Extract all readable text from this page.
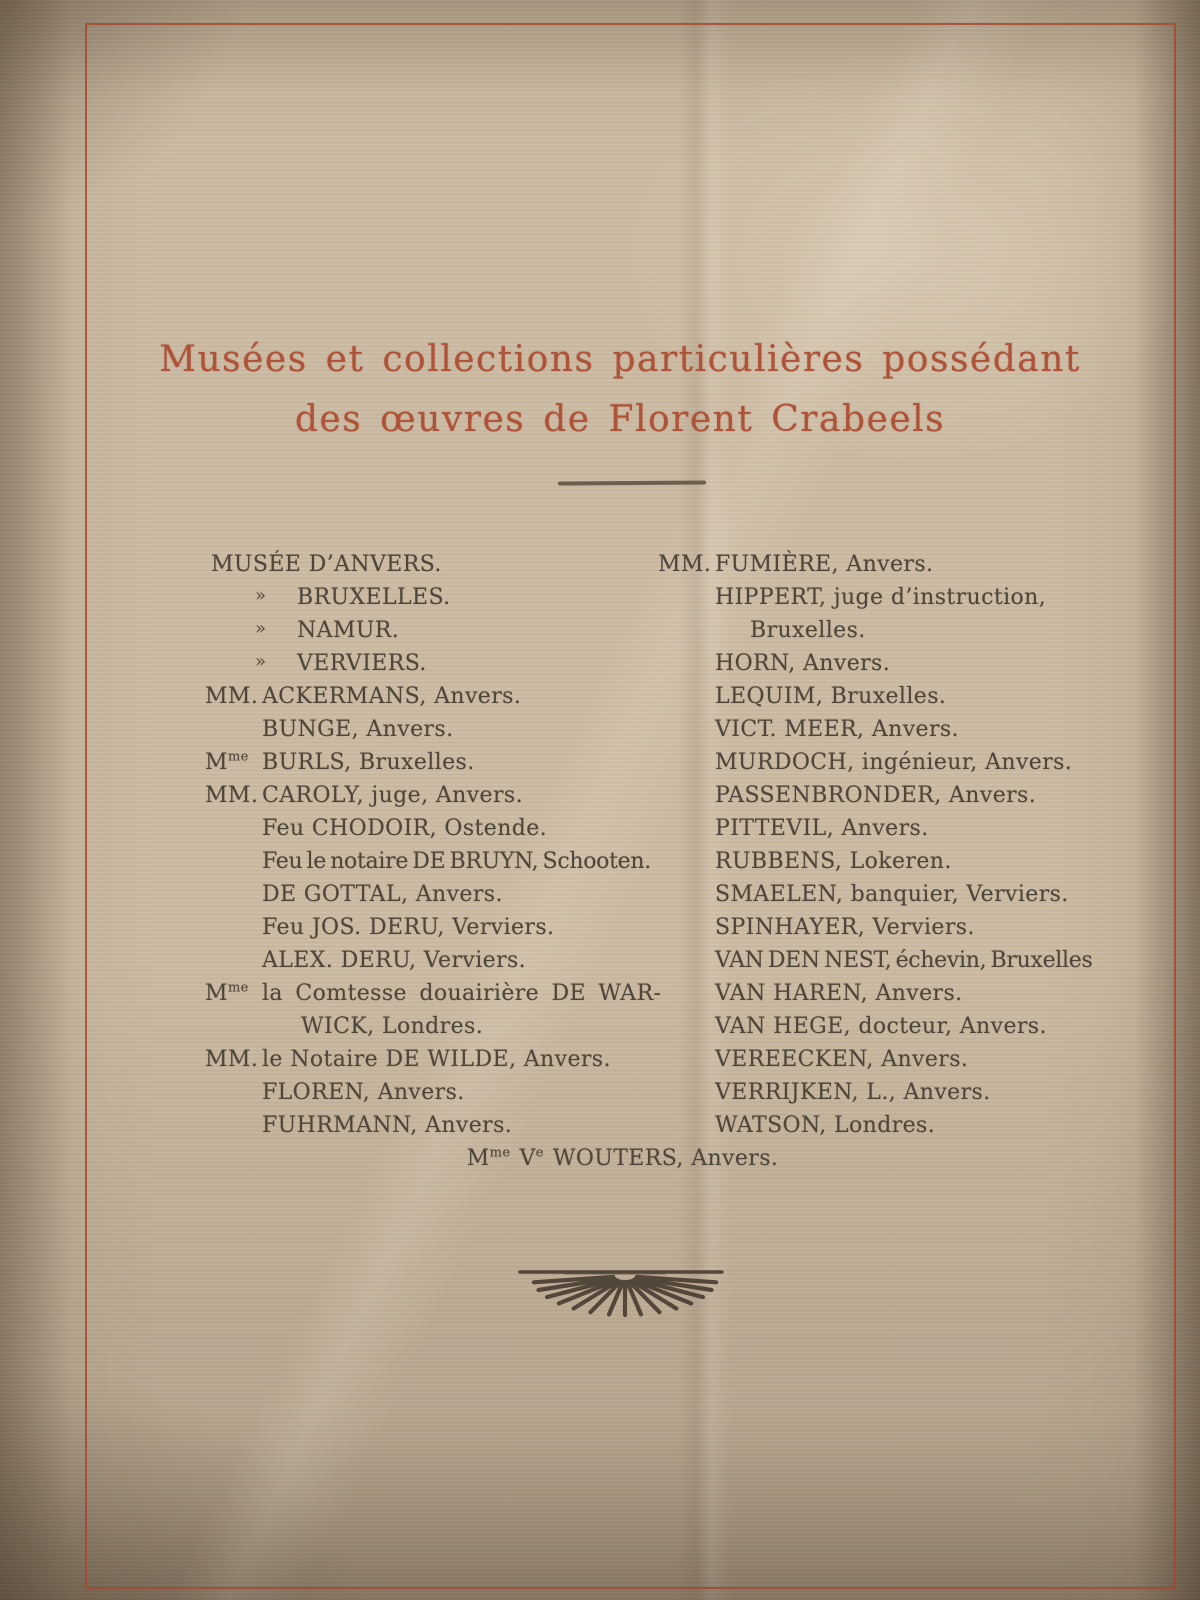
Musées et collections particulières possédant
des œuvres de Florent Crabeels
MUSÉE D’ANVERS.
»	BRUXELLES.
»	NAMUR.
»	VERVIERS.
MM. ACKERMANS, Anvers.
BUNGE, Anvers.
$M^{me}$ BURLS, Bruxelles.
MM. CAROLY, juge, Anvers.
Feu CHODOIR, Ostende.
Feu le notaire DE BRUYN, Schooten.
DE GOTTAL, Anvers.
Feu JOS. DERU, Verviers.
ALEX. DERU, Verviers.
$M^{me}$ la Comtesse douairière DE WAR-
WICK, Londres.
MM. le Notaire DE WILDE, Anvers.
FLOREN, Anvers.
FUHRMANN, Anvers.
MM. FUMIÈRE, Anvers.
HIPPERT, juge d’instruction,
Bruxelles.
HORN, Anvers.
LEQUIM, Bruxelles.
VICT. MEER, Anvers.
MURDOCH, ingénieur, Anvers.
PASSENBRONDER, Anvers.
PITTEVIL, Anvers.
RUBBENS, Lokeren.
SMAELEN, banquier, Verviers.
SPINHAYER, Verviers.
VAN DEN NEST, échevin, Bruxelles
VAN HAREN, Anvers.
VAN HEGE, docteur, Anvers.
VEREECKEN, Anvers.
VERRIJKEN, L., Anvers.
WATSON, Londres.
$M^{me}$ Ve WOUTERS, Anvers.
